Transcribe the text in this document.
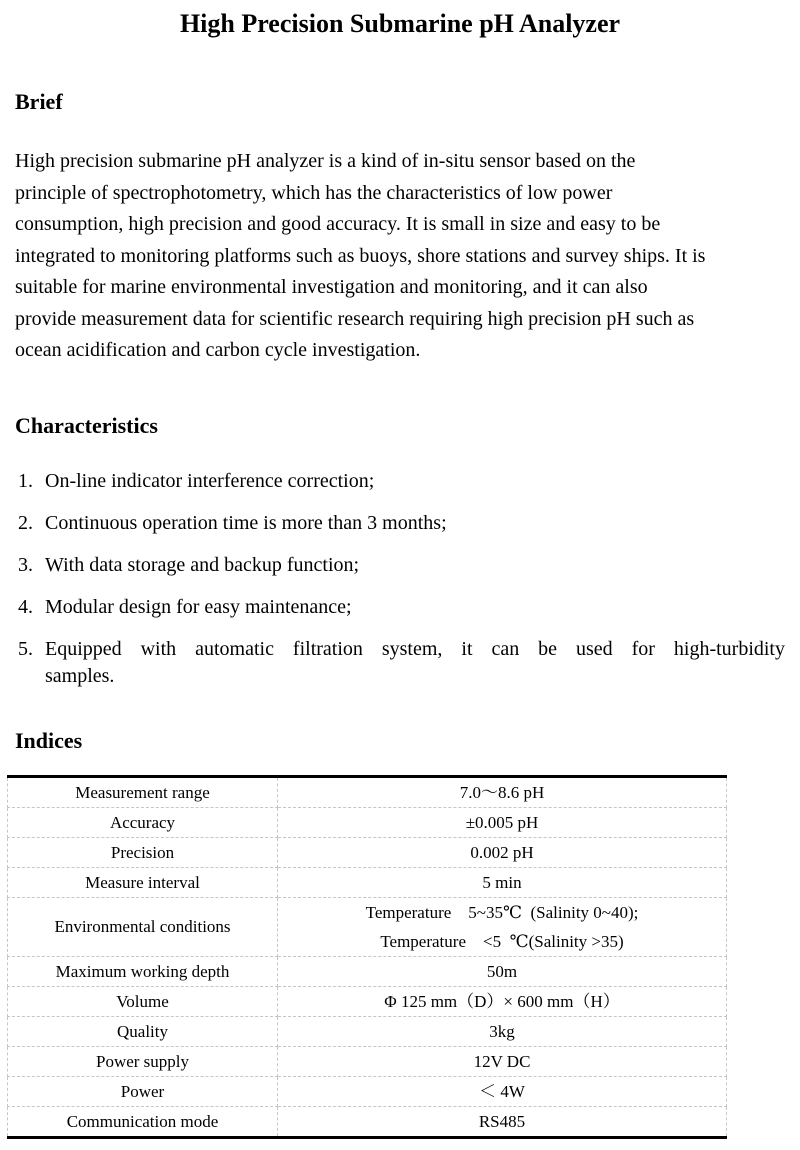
High Precision Submarine pH Analyzer
Brief
High precision submarine pH analyzer is a kind of in-situ sensor based on the
principle of spectrophotometry, which has the characteristics of low power
consumption, high precision and good accuracy. It is small in size and easy to be
integrated to monitoring platforms such as buoys, shore stations and survey ships. It is
suitable for marine environmental investigation and monitoring, and it can also
provide measurement data for scientific research requiring high precision pH such as
ocean acidification and carbon cycle investigation.
Characteristics
1. On-line indicator interference correction;
2. Continuous operation time is more than 3 months;
3. With data storage and backup function;
4. Modular design for easy maintenance;
5. Equipped with automatic filtration system, it can be used for high-turbidity
samples.
Indices
Measurement range	7.0～8.6 pH

Accuracy	±0.005 pH

Precision	0.002 pH

Measure interval	5 min

Environmental conditions	Temperature　5~35℃  (Salinity 0~40);
Temperature　<5  ℃(Salinity >35)

Maximum working depth	50m

Volume	Φ 125 mm（D）× 600 mm（H）

Quality	3kg

Power supply	12V DC

Power	＜ 4W

Communication mode	RS485
